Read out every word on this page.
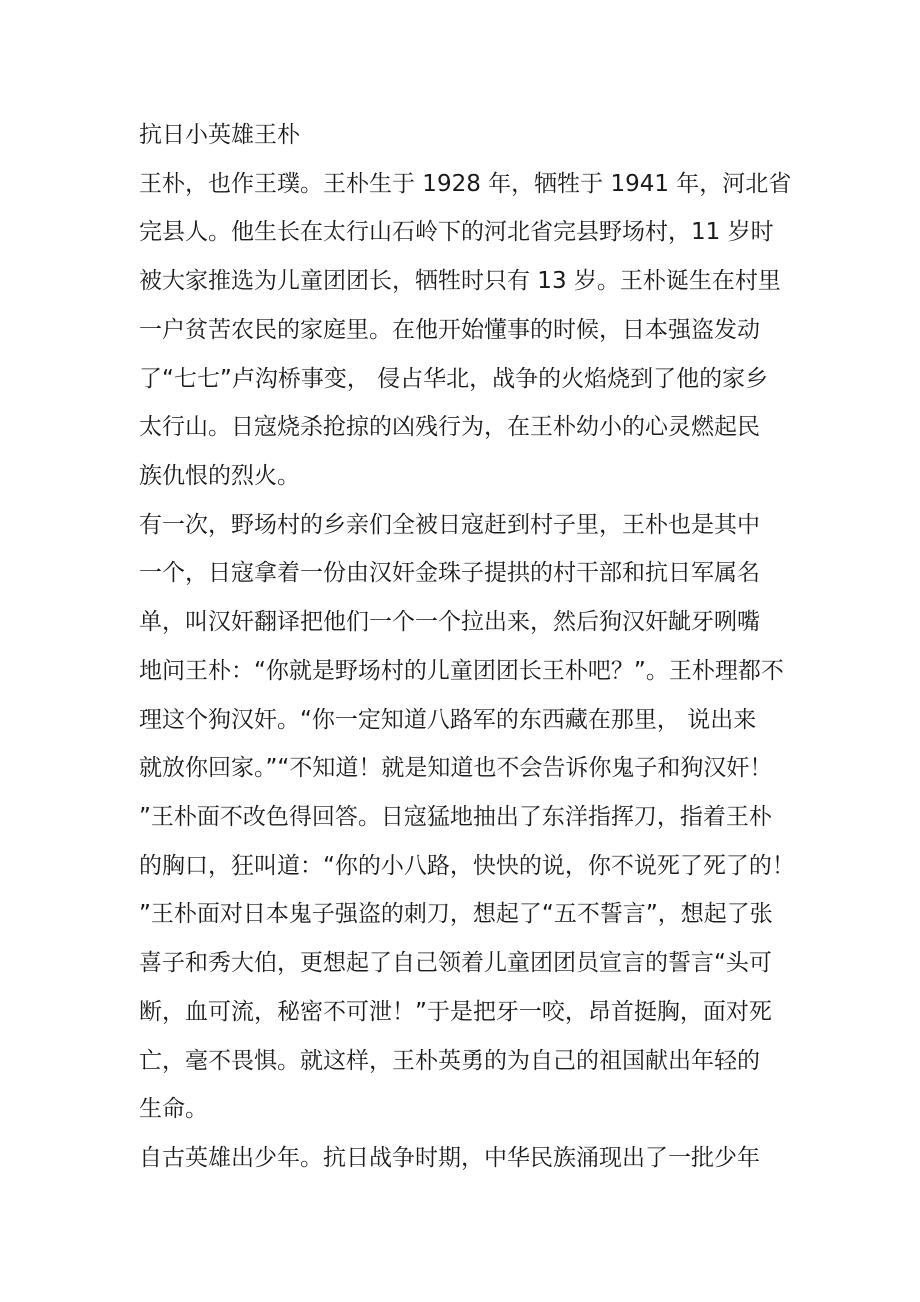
抗日小英雄王朴
王朴，也作王璞。王朴生于 1928 年，牺牲于 1941 年，河北省
完县人。他生长在太行山石岭下的河北省完县野场村，11 岁时
被大家推选为儿童团团长，牺牲时只有 13 岁。王朴诞生在村里
一户贫苦农民的家庭里。在他开始懂事的时候，日本强盗发动
了“七七”卢沟桥事变， 侵占华北，战争的火焰烧到了他的家乡
太行山。日寇烧杀抢掠的凶残行为，在王朴幼小的心灵燃起民
族仇恨的烈火。
有一次，野场村的乡亲们全被日寇赶到村子里，王朴也是其中
一个，日寇拿着一份由汉奸金珠子提拱的村干部和抗日军属名
单，叫汉奸翻译把他们一个一个拉出来，然后狗汉奸龇牙咧嘴
地问王朴：“你就是野场村的儿童团团长王朴吧？”。王朴理都不
理这个狗汉奸。“你一定知道八路军的东西藏在那里， 说出来
就放你回家。”“不知道！就是知道也不会告诉你鬼子和狗汉奸！
”王朴面不改色得回答。日寇猛地抽出了东洋指挥刀，指着王朴
的胸口，狂叫道：“你的小八路，快快的说，你不说死了死了的！
”王朴面对日本鬼子强盗的刺刀，想起了“五不誓言”，想起了张
喜子和秀大伯，更想起了自己领着儿童团团员宣言的誓言“头可
断，血可流，秘密不可泄！”于是把牙一咬，昂首挺胸，面对死
亡，毫不畏惧。就这样，王朴英勇的为自己的祖国献出年轻的
生命。
自古英雄出少年。抗日战争时期，中华民族涌现出了一批少年
